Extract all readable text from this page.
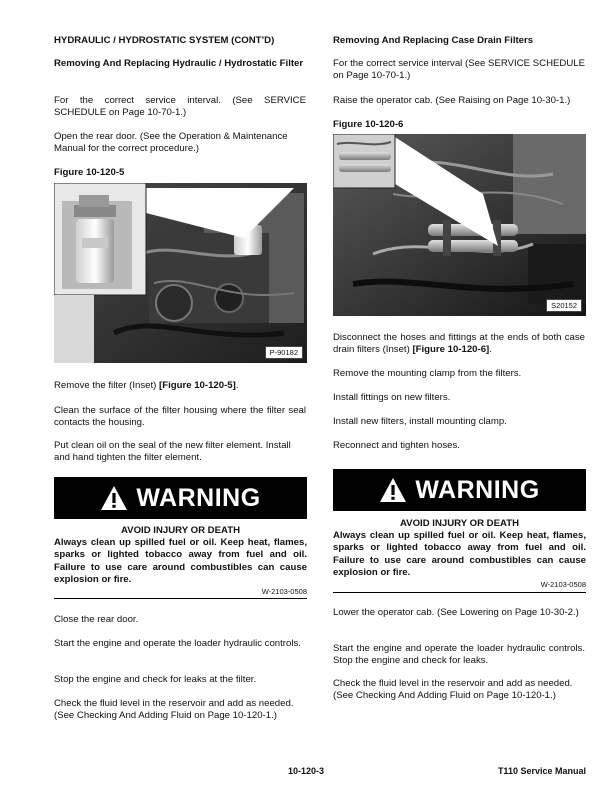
HYDRAULIC / HYDROSTATIC SYSTEM (CONT’D)

Removing And Replacing Hydraulic / Hydrostatic Filter

For the correct service interval. (See SERVICE SCHEDULE on Page 10-70-1.)

Open the rear door. (See the Operation & Maintenance Manual for the correct procedure.)

Figure 10-120-5

P-90182

Remove the filter (Inset) [Figure 10-120-5].

Clean the surface of the filter housing where the filter seal contacts the housing.

Put clean oil on the seal of the new filter element. Install and hand tighten the filter element.

WARNING
AVOID INJURY OR DEATH
Always clean up spilled fuel or oil. Keep heat, flames, sparks or lighted tobacco away from fuel and oil. Failure to use care around combustibles can cause explosion or fire.
W-2103-0508

Close the rear door.

Start the engine and operate the loader hydraulic controls.

Stop the engine and check for leaks at the filter.

Check the fluid level in the reservoir and add as needed. (See Checking And Adding Fluid on Page 10-120-1.)

Removing And Replacing Case Drain Filters

For the correct service interval (See SERVICE SCHEDULE on Page 10-70-1.)

Raise the operator cab. (See Raising on Page 10-30-1.)

Figure 10-120-6

S20152

Disconnect the hoses and fittings at the ends of both case drain filters (Inset) [Figure 10-120-6].

Remove the mounting clamp from the filters.

Install fittings on new filters.

Install new filters, install mounting clamp.

Reconnect and tighten hoses.

WARNING
AVOID INJURY OR DEATH
Always clean up spilled fuel or oil. Keep heat, flames, sparks or lighted tobacco away from fuel and oil. Failure to use care around combustibles can cause explosion or fire.
W-2103-0508

Lower the operator cab. (See Lowering on Page 10-30-2.)

Start the engine and operate the loader hydraulic controls. Stop the engine and check for leaks.

Check the fluid level in the reservoir and add as needed. (See Checking And Adding Fluid on Page 10-120-1.)

10-120-3	T110 Service Manual
